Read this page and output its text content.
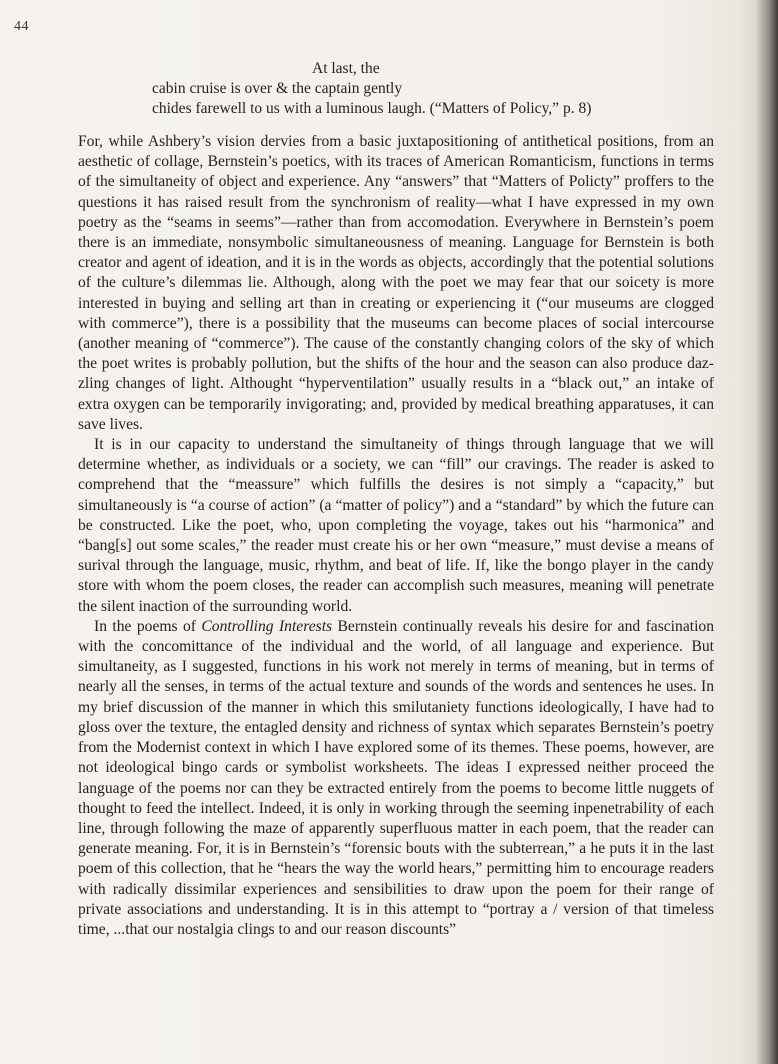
44
At last, the
cabin cruise is over & the captain gently
chides farewell to us with a luminous laugh. (“Matters of Policy,” p. 8)

For, while Ashbery’s vision dervies from a basic juxtapositioning of antithetical positions, from an aesthetic of collage, Bernstein’s poetics, with its traces of American Romanticism, functions in terms of the simultaneity of object and experience. Any “answers” that “Matters of Policty” proffers to the questions it has raised result from the synchronism of reality—what I have expressed in my own poetry as the “seams in seems”—rather than from accomodation. Everywhere in Bernstein’s poem there is an immediate, nonsymbolic simultaneousness of meaning. Language for Bernstein is both creator and agent of ideation, and it is in the words as objects, accordingly that the potential solutions of the culture’s dilemmas lie. Although, along with the poet we may fear that our soicety is more interested in buying and selling art than in creating or experiencing it (“our museums are clogged with commerce”), there is a possibility that the museums can become places of social intercourse (another meaning of “commerce”). The cause of the constantly changing colors of the sky of which the poet writes is probably pollution, but the shifts of the hour and the season can also produce dazzling changes of light. Althought “hyperventilation” usually results in a “black out,” an intake of extra oxygen can be temporarily invigorating; and, provided by medical breathing apparatuses, it can save lives.

It is in our capacity to understand the simultaneity of things through language that we will determine whether, as individuals or a society, we can “fill” our cravings. The reader is asked to comprehend that the “meassure” which fulfills the desires is not simply a “capacity,” but simultaneously is “a course of action” (a “matter of policy”) and a “standard” by which the future can be constructed. Like the poet, who, upon completing the voyage, takes out his “harmonica” and “bang[s] out some scales,” the reader must create his or her own “measure,” must devise a means of surival through the language, music, rhythm, and beat of life. If, like the bongo player in the candy store with whom the poem closes, the reader can accomplish such measures, meaning will penetrate the silent inaction of the surrounding world.

In the poems of Controlling Interests Bernstein continually reveals his desire for and fascination with the concomittance of the individual and the world, of all language and experience. But simultaneity, as I suggested, functions in his work not merely in terms of meaning, but in terms of nearly all the senses, in terms of the actual texture and sounds of the words and sentences he uses. In my brief discussion of the manner in which this smilutaniety functions ideologically, I have had to gloss over the texture, the entagled density and richness of syntax which separates Bernstein’s poetry from the Modernist context in which I have explored some of its themes. These poems, however, are not ideological bingo cards or symbolist worksheets. The ideas I expressed neither proceed the language of the poems nor can they be extracted entirely from the poems to become little nuggets of thought to feed the intellect. Indeed, it is only in working through the seeming inpenetrability of each line, through following the maze of apparently superfluous matter in each poem, that the reader can generate meaning. For, it is in Bernstein’s “forensic bouts with the subterrean,” a he puts it in the last poem of this collection, that he “hears the way the world hears,” permitting him to encourage readers with radically dissimilar experiences and sensibilities to draw upon the poem for their range of private associations and understanding. It is in this attempt to “portray a / version of that timeless time, ...that our nostalgia clings to and our reason discounts”
